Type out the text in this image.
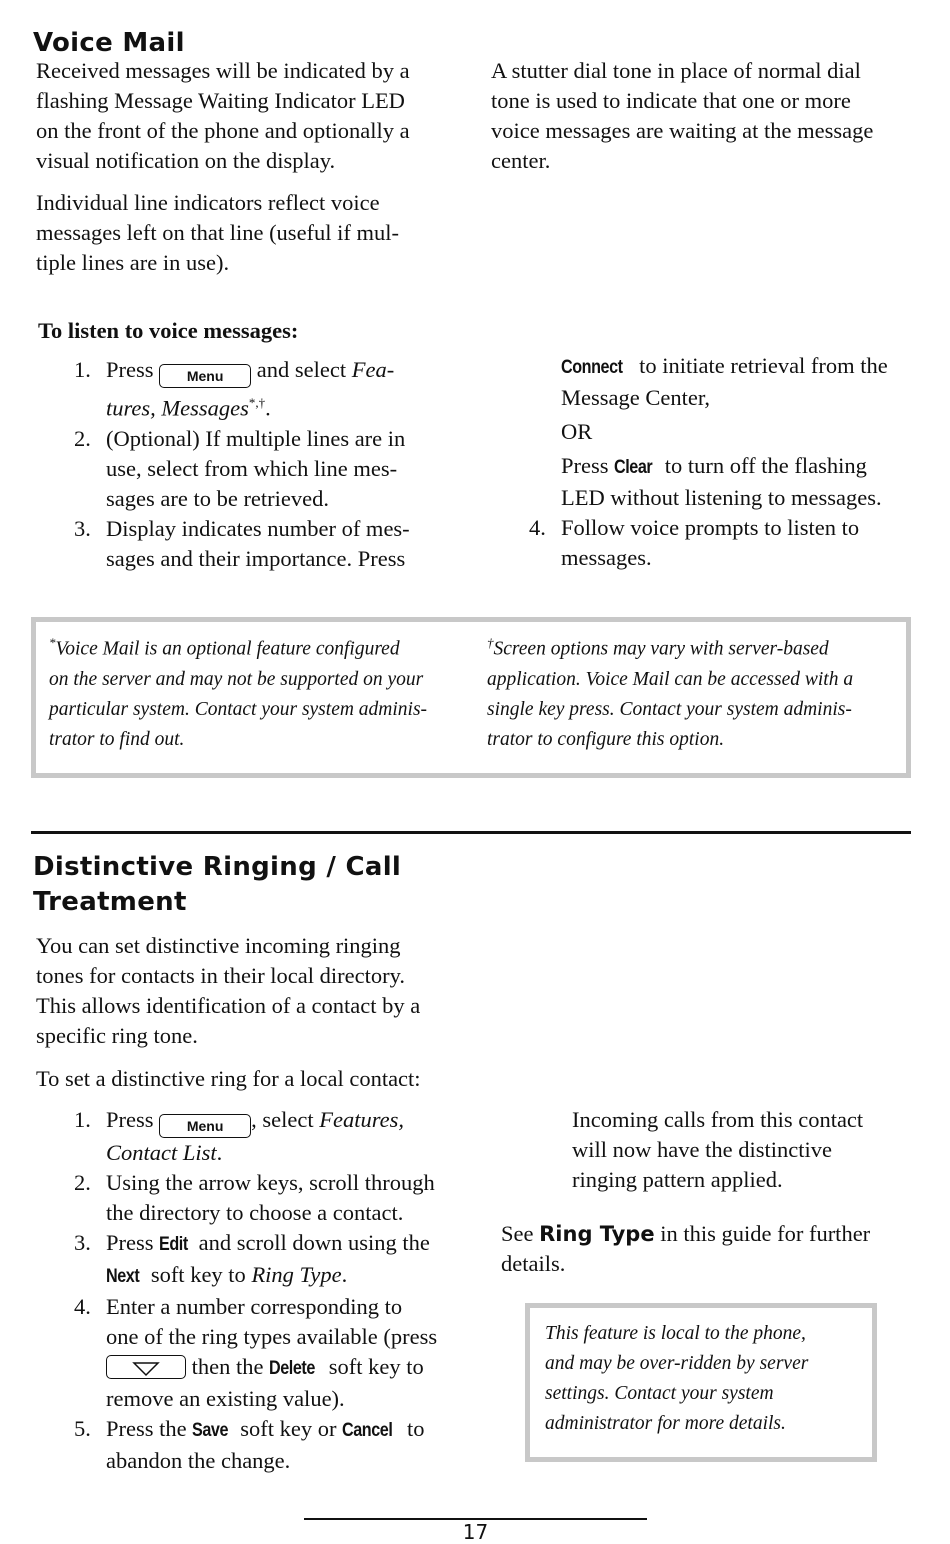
Voice Mail
Received messages will be indicated by a
flashing Message Waiting Indicator LED
on the front of the phone and optionally a
visual notification on the display.
Individual line indicators reflect voice
messages left on that line (useful if mul-
tiple lines are in use).
A stutter dial tone in place of normal dial
tone is used to indicate that one or more
voice messages are waiting at the message
center.
To listen to voice messages:
1. Press Menu and select Fea-
tures, Messages*,†.
2. (Optional) If multiple lines are in
use, select from which line mes-
sages are to be retrieved.
3. Display indicates number of mes-
sages and their importance. Press
Connect to initiate retrieval from the
Message Center,
OR
Press Clear to turn off the flashing
LED without listening to messages.
4. Follow voice prompts to listen to
messages.
*Voice Mail is an optional feature configured
on the server and may not be supported on your
particular system. Contact your system adminis-
trator to find out.
†Screen options may vary with server-based
application. Voice Mail can be accessed with a
single key press. Contact your system adminis-
trator to configure this option.
Distinctive Ringing / Call
Treatment
You can set distinctive incoming ringing
tones for contacts in their local directory.
This allows identification of a contact by a
specific ring tone.
To set a distinctive ring for a local contact:
1. Press Menu , select Features,
Contact List.
2. Using the arrow keys, scroll through
the directory to choose a contact.
3. Press Edit and scroll down using the
Next soft key to Ring Type.
4. Enter a number corresponding to
one of the ring types available (press
then the Delete soft key to
remove an existing value).
5. Press the Save soft key or Cancel to
abandon the change.
Incoming calls from this contact
will now have the distinctive
ringing pattern applied.
See Ring Type in this guide for further
details.
This feature is local to the phone,
and may be over-ridden by server
settings. Contact your system
administrator for more details.
17
